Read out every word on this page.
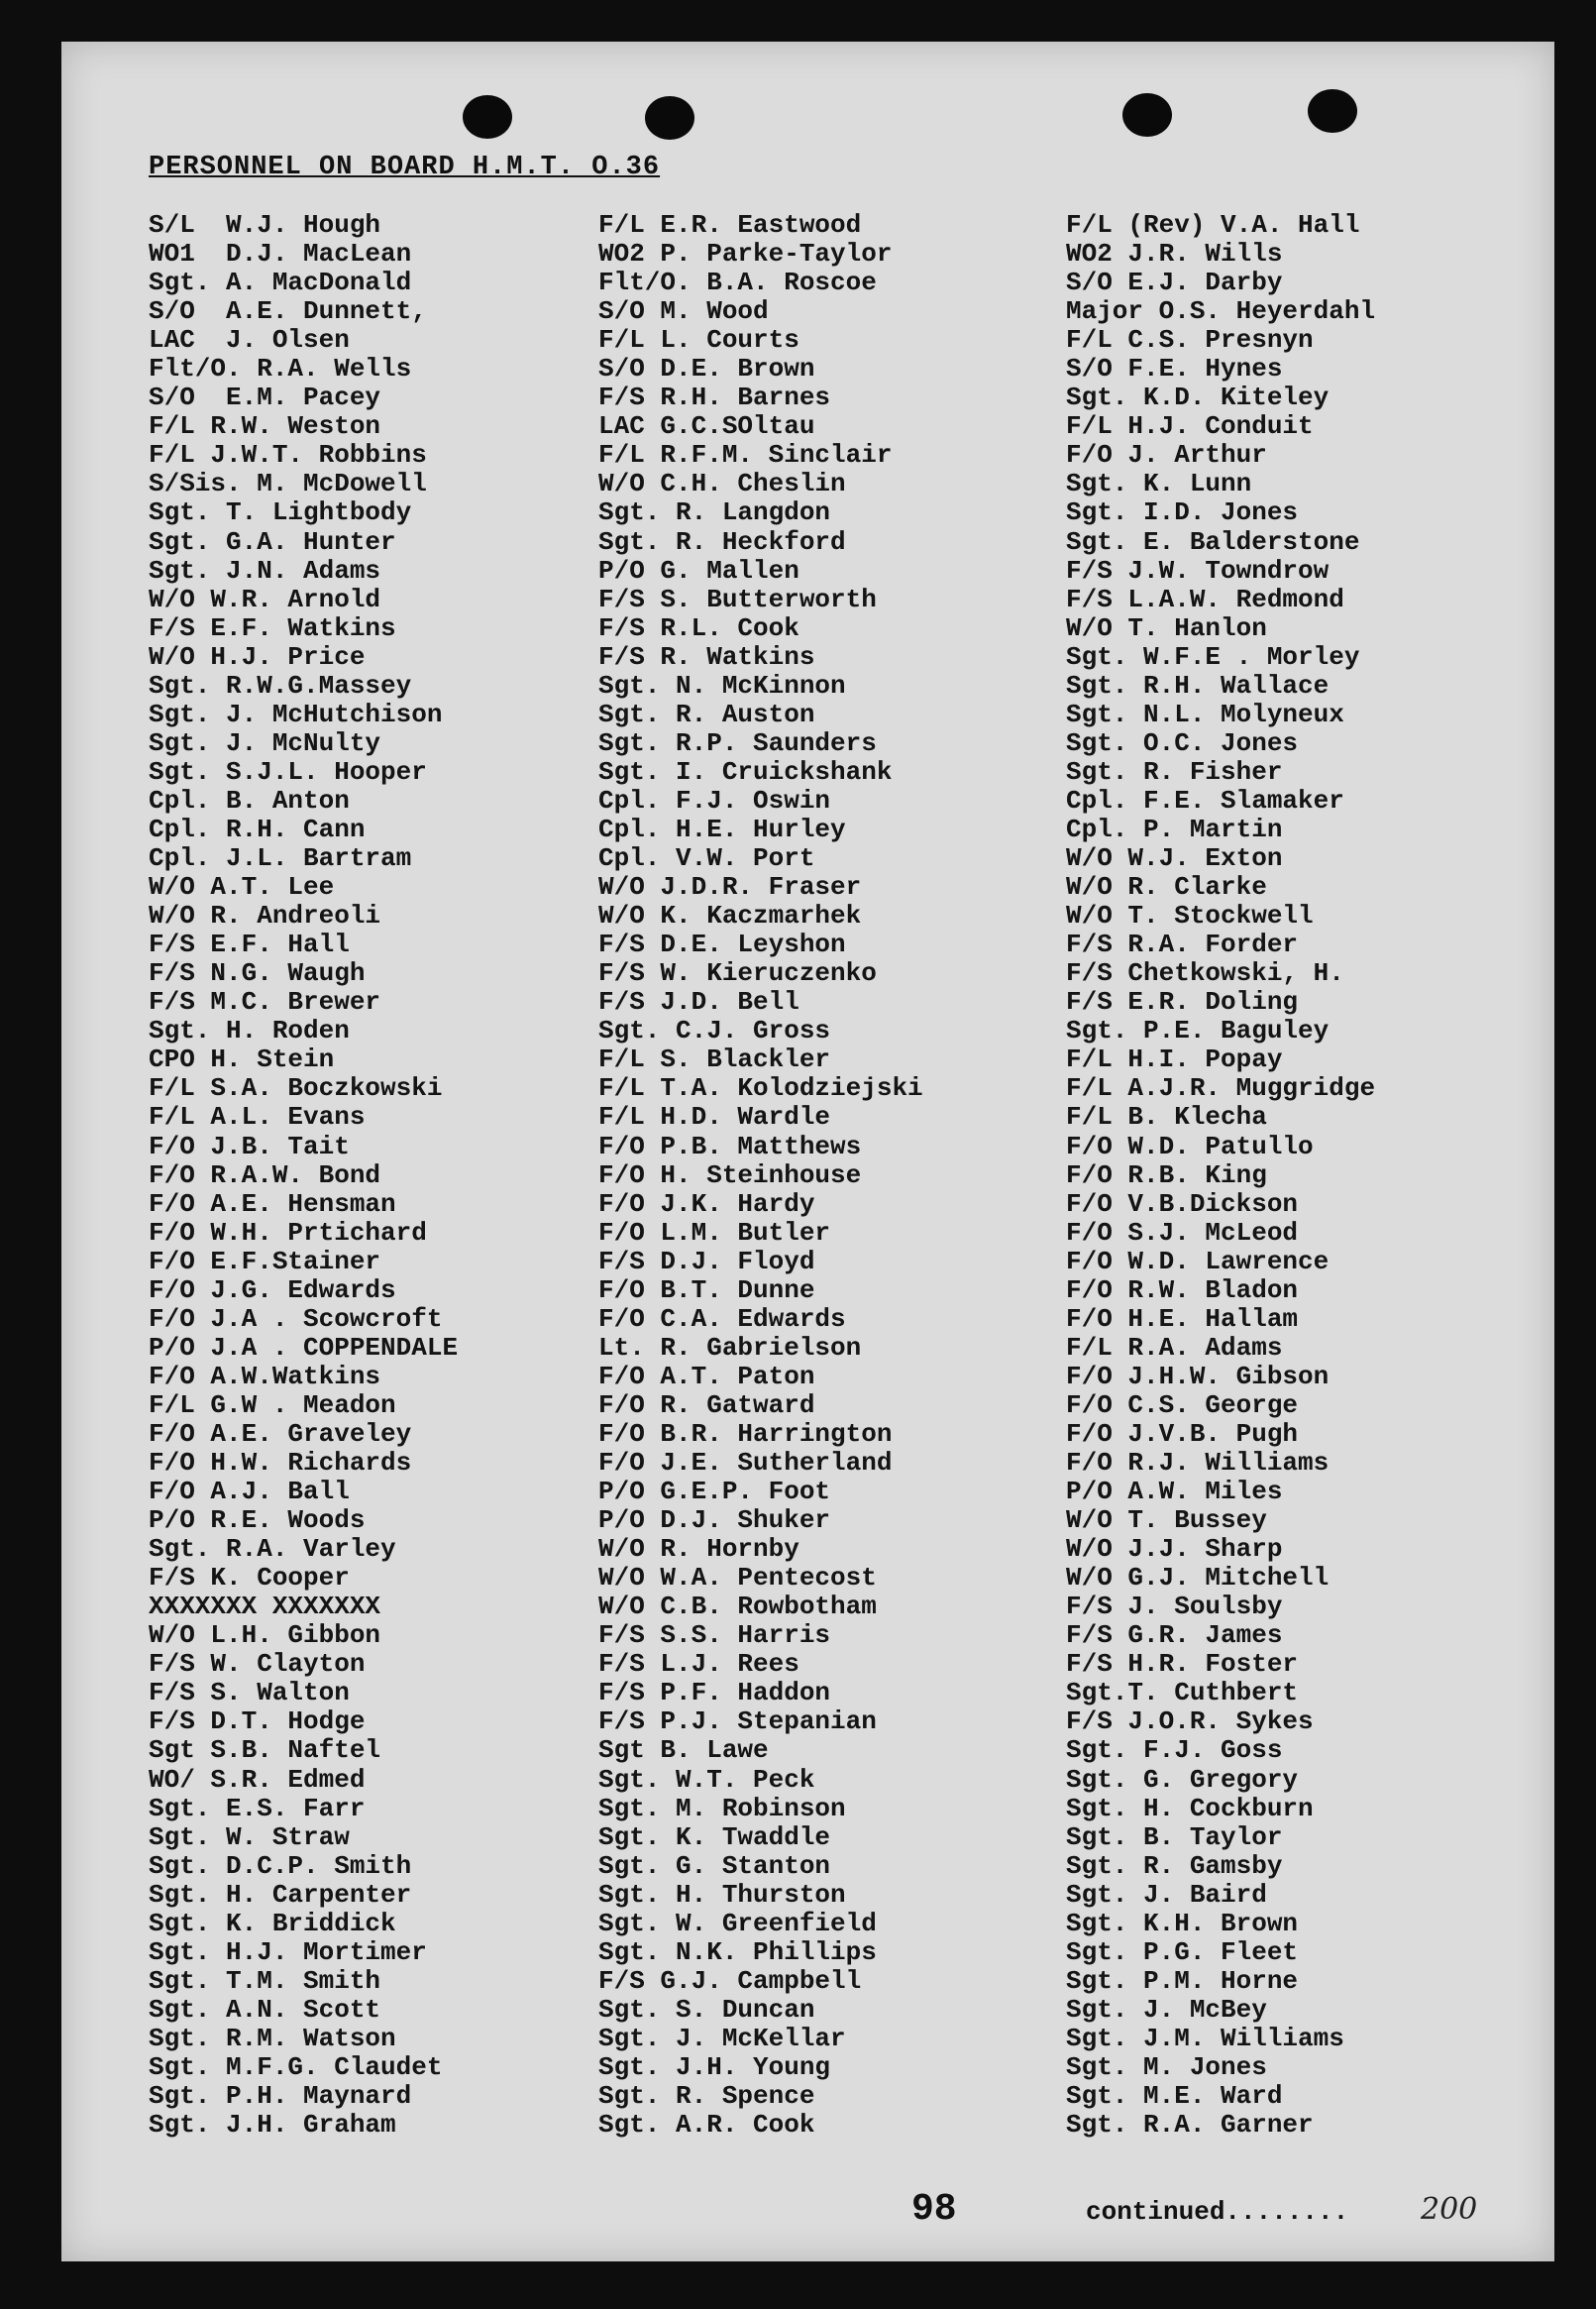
PERSONNEL ON BOARD H.M.T. O.36
S/L  W.J. Hough
WO1  D.J. MacLean
Sgt. A. MacDonald
S/O  A.E. Dunnett,
LAC  J. Olsen
Flt/O. R.A. Wells
S/O  E.M. Pacey
F/L R.W. Weston
F/L J.W.T. Robbins
S/Sis. M. McDowell
Sgt. T. Lightbody
Sgt. G.A. Hunter
Sgt. J.N. Adams
W/O W.R. Arnold
F/S E.F. Watkins
W/O H.J. Price
Sgt. R.W.G.Massey
Sgt. J. McHutchison
Sgt. J. McNulty
Sgt. S.J.L. Hooper
Cpl. B. Anton
Cpl. R.H. Cann
Cpl. J.L. Bartram
W/O A.T. Lee
W/O R. Andreoli
F/S E.F. Hall
F/S N.G. Waugh
F/S M.C. Brewer
Sgt. H. Roden
CPO H. Stein
F/L S.A. Boczkowski
F/L A.L. Evans
F/O J.B. Tait
F/O R.A.W. Bond
F/O A.E. Hensman
F/O W.H. Prtichard
F/O E.F.Stainer
F/O J.G. Edwards
F/O J.A . Scowcroft
P/O J.A . COPPENDALE
F/O A.W.Watkins
F/L G.W . Meadon
F/O A.E. Graveley
F/O H.W. Richards
F/O A.J. Ball
P/O R.E. Woods
Sgt. R.A. Varley
F/S K. Cooper
XXXXXXX XXXXXXX
W/O L.H. Gibbon
F/S W. Clayton
F/S S. Walton
F/S D.T. Hodge
Sgt S.B. Naftel
WO/ S.R. Edmed
Sgt. E.S. Farr
Sgt. W. Straw
Sgt. D.C.P. Smith
Sgt. H. Carpenter
Sgt. K. Briddick
Sgt. H.J. Mortimer
Sgt. T.M. Smith
Sgt. A.N. Scott
Sgt. R.M. Watson
Sgt. M.F.G. Claudet
Sgt. P.H. Maynard
Sgt. J.H. Graham
F/L E.R. Eastwood
WO2 P. Parke-Taylor
Flt/O. B.A. Roscoe
S/O M. Wood
F/L L. Courts
S/O D.E. Brown
F/S R.H. Barnes
LAC G.C.SOltau
F/L R.F.M. Sinclair
W/O C.H. Cheslin
Sgt. R. Langdon
Sgt. R. Heckford
P/O G. Mallen
F/S S. Butterworth
F/S R.L. Cook
F/S R. Watkins
Sgt. N. McKinnon
Sgt. R. Auston
Sgt. R.P. Saunders
Sgt. I. Cruickshank
Cpl. F.J. Oswin
Cpl. H.E. Hurley
Cpl. V.W. Port
W/O J.D.R. Fraser
W/O K. Kaczmarhek
F/S D.E. Leyshon
F/S W. Kieruczenko
F/S J.D. Bell
Sgt. C.J. Gross
F/L S. Blackler
F/L T.A. Kolodziejski
F/L H.D. Wardle
F/O P.B. Matthews
F/O H. Steinhouse
F/O J.K. Hardy
F/O L.M. Butler
F/S D.J. Floyd
F/O B.T. Dunne
F/O C.A. Edwards
Lt. R. Gabrielson
F/O A.T. Paton
F/O R. Gatward
F/O B.R. Harrington
F/O J.E. Sutherland
P/O G.E.P. Foot
P/O D.J. Shuker
W/O R. Hornby
W/O W.A. Pentecost
W/O C.B. Rowbotham
F/S S.S. Harris
F/S L.J. Rees
F/S P.F. Haddon
F/S P.J. Stepanian
Sgt B. Lawe
Sgt. W.T. Peck
Sgt. M. Robinson
Sgt. K. Twaddle
Sgt. G. Stanton
Sgt. H. Thurston
Sgt. W. Greenfield
Sgt. N.K. Phillips
F/S G.J. Campbell
Sgt. S. Duncan
Sgt. J. McKellar
Sgt. J.H. Young
Sgt. R. Spence
Sgt. A.R. Cook
F/L (Rev) V.A. Hall
WO2 J.R. Wills
S/O E.J. Darby
Major O.S. Heyerdahl
F/L C.S. Presnyn
S/O F.E. Hynes
Sgt. K.D. Kiteley
F/L H.J. Conduit
F/O J. Arthur
Sgt. K. Lunn
Sgt. I.D. Jones
Sgt. E. Balderstone
F/S J.W. Towndrow
F/S L.A.W. Redmond
W/O T. Hanlon
Sgt. W.F.E . Morley
Sgt. R.H. Wallace
Sgt. N.L. Molyneux
Sgt. O.C. Jones
Sgt. R. Fisher
Cpl. F.E. Slamaker
Cpl. P. Martin
W/O W.J. Exton
W/O R. Clarke
W/O T. Stockwell
F/S R.A. Forder
F/S Chetkowski, H.
F/S E.R. Doling
Sgt. P.E. Baguley
F/L H.I. Popay
F/L A.J.R. Muggridge
F/L B. Klecha
F/O W.D. Patullo
F/O R.B. King
F/O V.B.Dickson
F/O S.J. McLeod
F/O W.D. Lawrence
F/O R.W. Bladon
F/O H.E. Hallam
F/L R.A. Adams
F/O J.H.W. Gibson
F/O C.S. George
F/O J.V.B. Pugh
F/O R.J. Williams
P/O A.W. Miles
W/O T. Bussey
W/O J.J. Sharp
W/O G.J. Mitchell
F/S J. Soulsby
F/S G.R. James
F/S H.R. Foster
Sgt.T. Cuthbert
F/S J.O.R. Sykes
Sgt. F.J. Goss
Sgt. G. Gregory
Sgt. H. Cockburn
Sgt. B. Taylor
Sgt. R. Gamsby
Sgt. J. Baird
Sgt. K.H. Brown
Sgt. P.G. Fleet
Sgt. P.M. Horne
Sgt. J. McBey
Sgt. J.M. Williams
Sgt. M. Jones
Sgt. M.E. Ward
Sgt. R.A. Garner
98	continued........ 200
